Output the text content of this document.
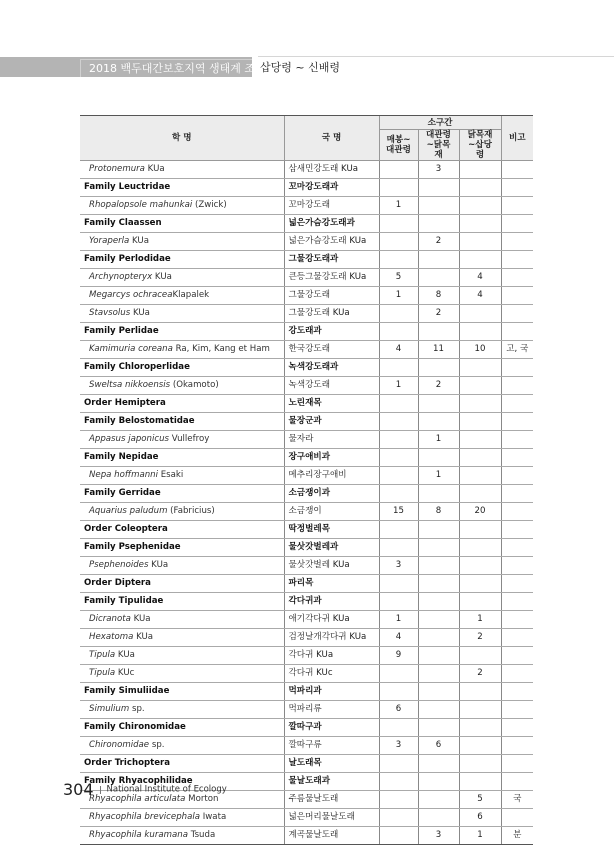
2018 백두대간보호지역 생태계 조사
삽당령 ~ 신배령
학 명	국 명	소구간			비고
		매봉~대관령	대관령~닭목재	닭목재~삽당령	
Protonemura KUa	삼새민강도래 KUa		3		
Family Leuctridae	꼬마강도래과				
Rhopalopsole mahunkai (Zwick)	꼬마강도래	1			
Family Claassen	넓은가슴강도래과				
Yoraperla KUa	넓은가슴강도래 KUa		2		
Family Perlodidae	그물강도래과				
Archynopteryx KUa	큰등그물강도래 KUa	5		4	
Megarcys ochraceaKlapalek	그물강도래	1	8	4	
Stavsolus KUa	그물강도래 KUa		2		
Family Perlidae	강도래과				
Kamimuria coreana Ra, Kim, Kang et Ham	한국강도래	4	11	10	고, 국
Family Chloroperlidae	녹색강도래과				
Sweltsa nikkoensis (Okamoto)	녹색강도래	1	2		
Order Hemiptera	노린재목				
Family Belostomatidae	물장군과				
Appasus japonicus Vullefroy	물자라		1		
Family Nepidae	장구애비과				
Nepa hoffmanni Esaki	메추리장구애비		1		
Family Gerridae	소금쟁이과				
Aquarius paludum (Fabricius)	소금쟁이	15	8	20	
Order Coleoptera	딱정벌레목				
Family Psephenidae	물삿갓벌레과				
Psephenoides KUa	물삿갓벌레 KUa	3			
Order Diptera	파리목				
Family Tipulidae	각다귀과				
Dicranota KUa	애기각다귀 KUa	1		1	
Hexatoma KUa	검정날개각다귀 KUa	4		2	
Tipula KUa	각다귀 KUa	9			
Tipula KUc	각다귀 KUc			2	
Family Simuliidae	먹파리과				
Simulium sp.	먹파리류	6			
Family Chironomidae	깔따구과				
Chironomidae sp.	깔따구류	3	6		
Order Trichoptera	날도래목				
Family Rhyacophilidae	물날도래과				
Rhyacophila articulata Morton	주름물날도래			5	국
Rhyacophila brevicephala Iwata	넓은머리물날도래			6	
Rhyacophila kuramana Tsuda	계곡물날도래		3	1	분
304 National Institute of Ecology
